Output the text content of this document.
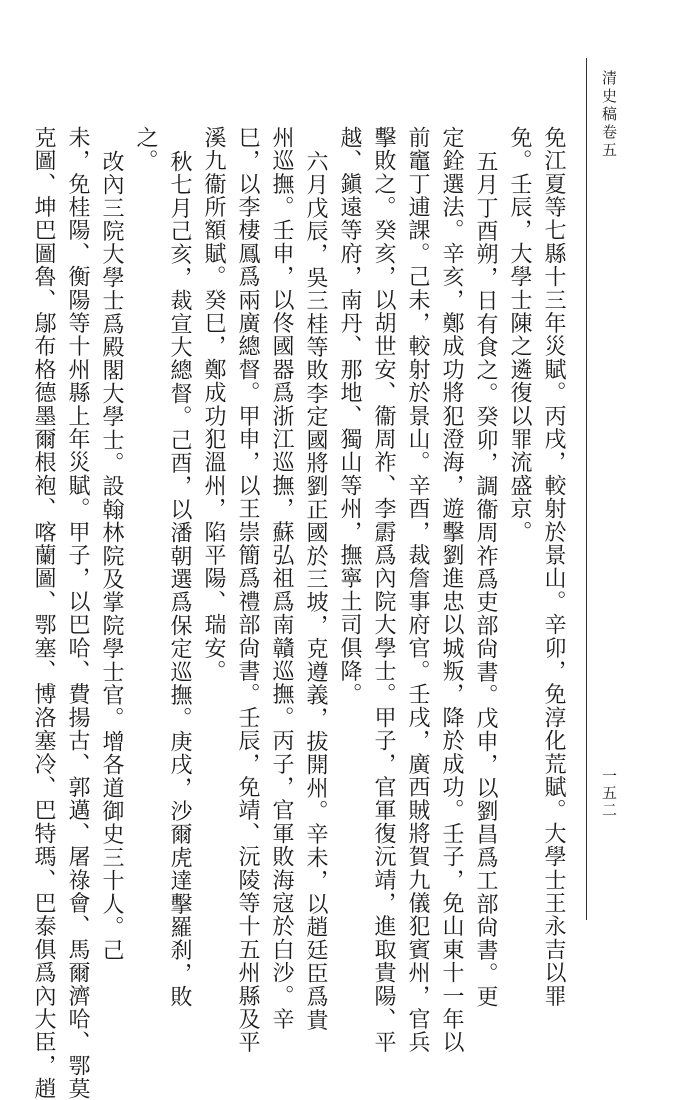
清史稿卷五
一五二
免江夏等七縣十三年災賦。丙戌，較射於景山。辛卯，免淳化荒賦。大學士王永吉以罪
免。壬辰，大學士陳之遴復以罪流盛京。
五月丁酉朔，日有食之。癸卯，調衞周祚爲吏部尙書。戊申，以劉昌爲工部尙書。更
定銓選法。辛亥，鄭成功將犯澄海，遊擊劉進忠以城叛，降於成功。壬子，免山東十一年以
前竈丁逋課。己未，較射於景山。辛酉，裁詹事府官。壬戌，廣西賊將賀九儀犯賓州，官兵
擊敗之。癸亥，以胡世安、衞周祚、李霨爲內院大學士。甲子，官軍復沅靖，進取貴陽、平
越、鎭遠等府，南丹、那地、獨山等州，撫寧土司俱降。
六月戊辰，吳三桂等敗李定國將劉正國於三坡，克遵義，拔開州。辛未，以趙廷臣爲貴
州巡撫。壬申，以佟國器爲浙江巡撫，蘇弘祖爲南贛巡撫。丙子，官軍敗海寇於白沙。辛
巳，以李棲鳳爲兩廣總督。甲申，以王崇簡爲禮部尙書。壬辰，免靖、沅陵等十五州縣及平
溪九衞所額賦。癸巳，鄭成功犯溫州，陷平陽、瑞安。
秋七月己亥，裁宣大總督。己酉，以潘朝選爲保定巡撫。庚戌，沙爾虎達擊羅刹，敗
之。
改內三院大學士爲殿閣大學士。設翰林院及掌院學士官。增各道御史三十人。己
未，免桂陽、衡陽等十州縣上年災賦。甲子，以巴哈、費揚古、郭邁、屠祿會、馬爾濟哈、鄂莫
克圖、坤巴圖魯、鄔布格德墨爾根袍、喀蘭圖、鄂塞、博洛塞冷、巴特瑪、巴泰俱爲內大臣，趙
